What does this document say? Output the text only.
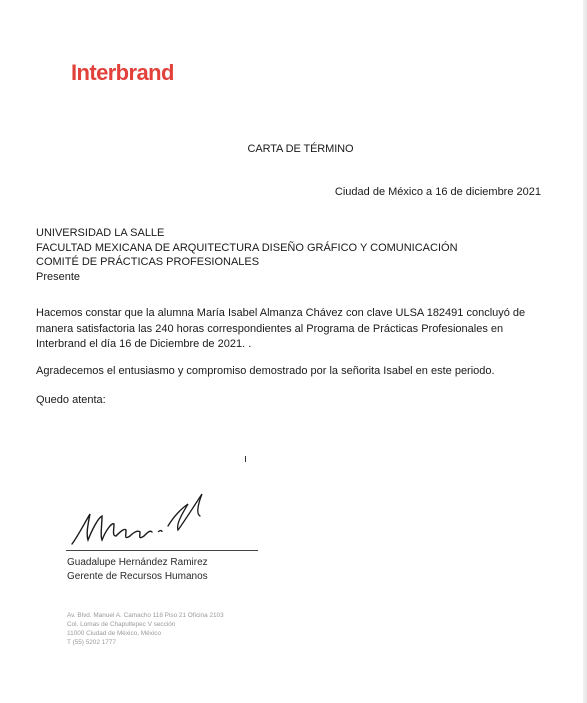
Interbrand
CARTA DE TÉRMINO
Ciudad de México a 16 de diciembre 2021
UNIVERSIDAD LA SALLE
FACULTAD MEXICANA DE ARQUITECTURA DISEÑO GRÁFICO Y COMUNICACIÓN
COMITÉ DE PRÁCTICAS PROFESIONALES
Presente
Hacemos constar que la alumna María Isabel Almanza Chávez con clave ULSA 182491 concluyó de manera satisfactoria las 240 horas correspondientes al Programa de Prácticas Profesionales en Interbrand el día 16 de Diciembre de 2021. .
Agradecemos el entusiasmo y compromiso demostrado por la señorita Isabel en este periodo.
Quedo atenta:
Guadalupe Hernández Ramirez
Gerente de Recursos Humanos
Av. Blvd. Manuel A. Camacho 118 Piso 21 Oficina 2103
Col. Lomas de Chapultepec V sección
11000 Ciudad de México, México
T (55) 5202 1777
